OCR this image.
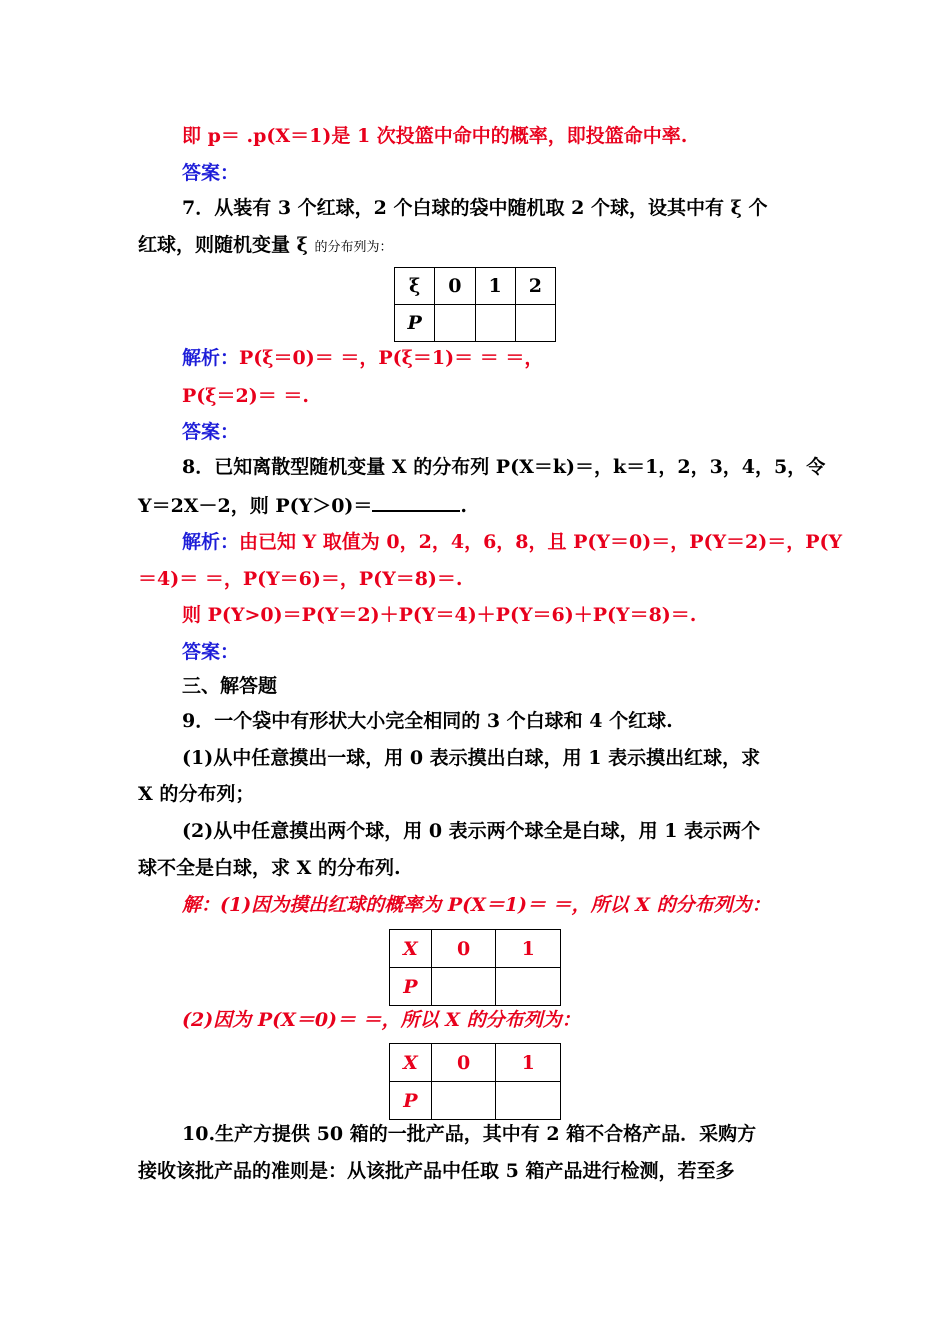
即 p＝ .p(X＝1)是 1 次投篮中命中的概率，即投篮命中率.
答案：
7．从装有 3 个红球，2 个白球的袋中随机取 2 个球，设其中有 ξ 个
红球，则随机变量 ξ 的分布列为：
ξ	0	1	2
P			
解析：P(ξ＝0)＝ ＝，P(ξ＝1)＝ ＝ ＝，
P(ξ＝2)＝ ＝.
答案：
8．已知离散型随机变量 X 的分布列 P(X＝k)＝，k＝1，2，3，4，5，令
Y＝2X－2，则 P(Y＞0)＝	.
解析：由已知 Y 取值为 0，2，4，6，8，且 P(Y＝0)＝，P(Y＝2)＝，P(Y
＝4)＝ ＝，P(Y＝6)＝，P(Y＝8)＝.
则 P(Y>0)＝P(Y＝2)＋P(Y＝4)＋P(Y＝6)＋P(Y＝8)＝.
答案：
三、解答题
9．一个袋中有形状大小完全相同的 3 个白球和 4 个红球.
(1)从中任意摸出一球，用 0 表示摸出白球，用 1 表示摸出红球，求
X 的分布列；
(2)从中任意摸出两个球，用 0 表示两个球全是白球，用 1 表示两个
球不全是白球，求 X 的分布列.
解：(1)因为摸出红球的概率为 P(X＝1)＝ ＝，所以 X 的分布列为：
X	0	1
P		
(2)因为 P(X＝0)＝ ＝，所以 X 的分布列为：
X	0	1
P		
10.生产方提供 50 箱的一批产品，其中有 2 箱不合格产品．采购方
接收该批产品的准则是：从该批产品中任取 5 箱产品进行检测，若至多
